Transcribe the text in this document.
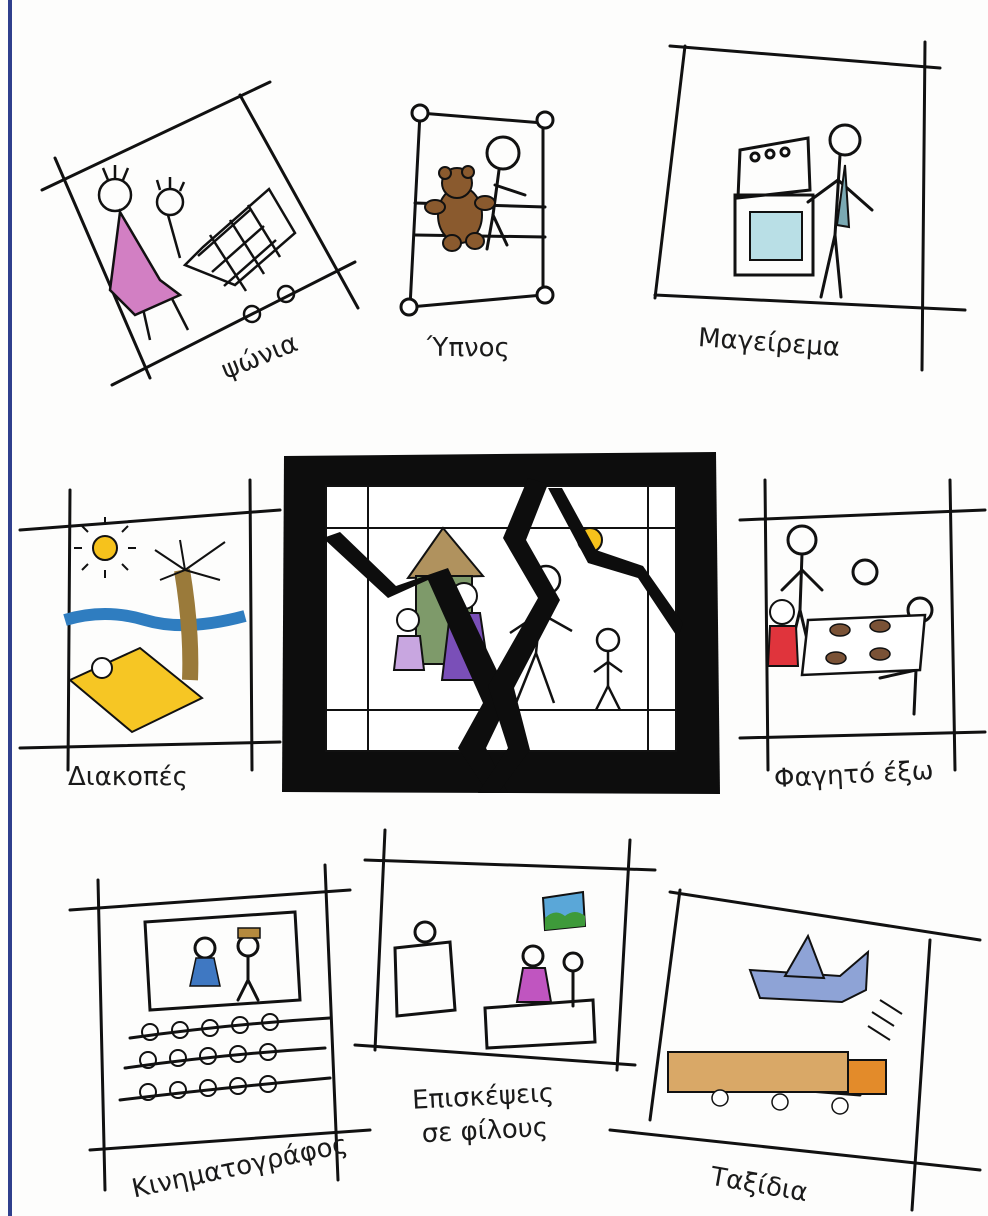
ψώνια	Ύπνος	Μαγείρεμα
Διακοπές	Φαγητό έξω
Κινηματογράφος
Επισκέψεις
σε φίλους
Ταξίδια
